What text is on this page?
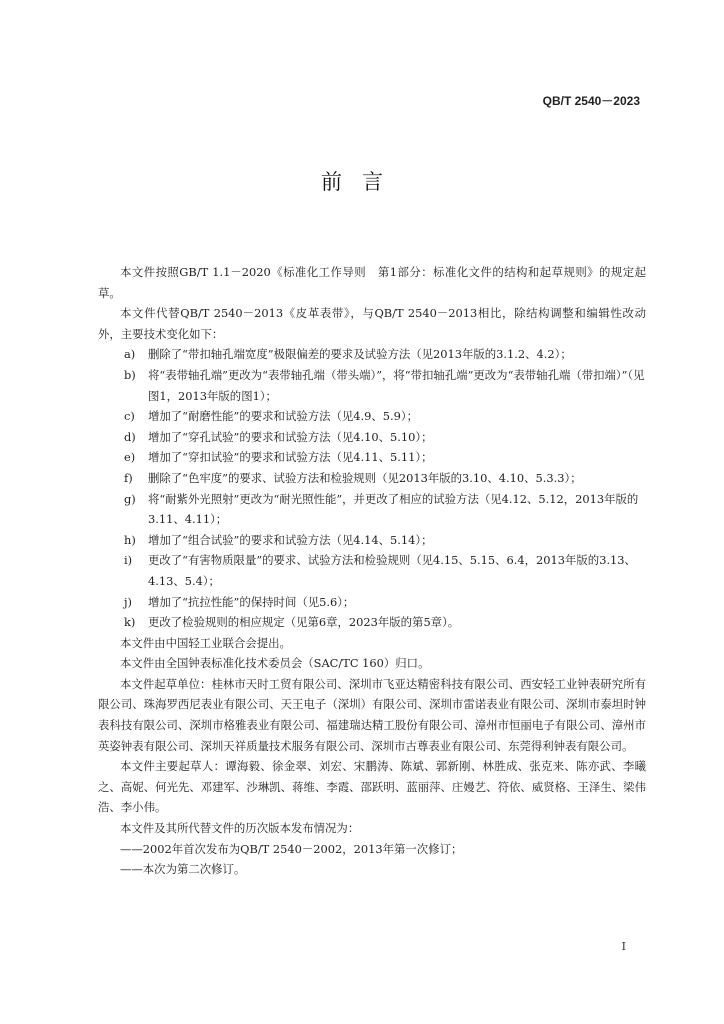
QB/T 2540－2023
前言

本文件按照GB/T 1.1－2020《标准化工作导则　第1部分：标准化文件的结构和起草规则》的规定起草。

本文件代替QB/T 2540－2013《皮革表带》，与QB/T 2540－2013相比，除结构调整和编辑性改动外，主要技术变化如下：

a)	删除了“带扣轴孔端宽度”极限偏差的要求及试验方法（见2013年版的3.1.2、4.2）；
b)	将“表带轴孔端”更改为“表带轴孔端（带头端）”，将“带扣轴孔端”更改为“表带轴孔端（带扣端）”（见图1，2013年版的图1）；
c)	增加了“耐磨性能”的要求和试验方法（见4.9、5.9）；
d)	增加了“穿孔试验”的要求和试验方法（见4.10、5.10）；
e)	增加了“穿扣试验”的要求和试验方法（见4.11、5.11）；
f)	删除了“色牢度”的要求、试验方法和检验规则（见2013年版的3.10、4.10、5.3.3）；
g)	将“耐紫外光照射”更改为“耐光照性能”，并更改了相应的试验方法（见4.12、5.12，2013年版的3.11、4.11）；
h)	增加了“组合试验”的要求和试验方法（见4.14、5.14）；
i)	更改了“有害物质限量”的要求、试验方法和检验规则（见4.15、5.15、6.4，2013年版的3.13、4.13、5.4）；
j)	增加了“抗拉性能”的保持时间（见5.6）；
k)	更改了检验规则的相应规定（见第6章，2023年版的第5章）。

本文件由中国轻工业联合会提出。

本文件由全国钟表标准化技术委员会（SAC/TC 160）归口。

本文件起草单位：桂林市天时工贸有限公司、深圳市飞亚达精密科技有限公司、西安轻工业钟表研究所有限公司、珠海罗西尼表业有限公司、天王电子（深圳）有限公司、深圳市雷诺表业有限公司、深圳市泰坦时钟表科技有限公司、深圳市格雅表业有限公司、福建瑞达精工股份有限公司、漳州市恒丽电子有限公司、漳州市英姿钟表有限公司、深圳天祥质量技术服务有限公司、深圳市古尊表业有限公司、东莞得利钟表有限公司。

本文件主要起草人：谭海毅、徐金翠、刘宏、宋鹏涛、陈斌、郭新刚、林胜成、张克来、陈亦武、李曦之、高妮、何光先、邓建军、沙琳凯、蒋维、李霞、邵跃明、蓝丽萍、庄嫚艺、符依、威贤格、王泽生、梁伟浩、李小伟。

本文件及其所代替文件的历次版本发布情况为：

——2002年首次发布为QB/T 2540－2002，2013年第一次修订；

——本次为第二次修订。

I
